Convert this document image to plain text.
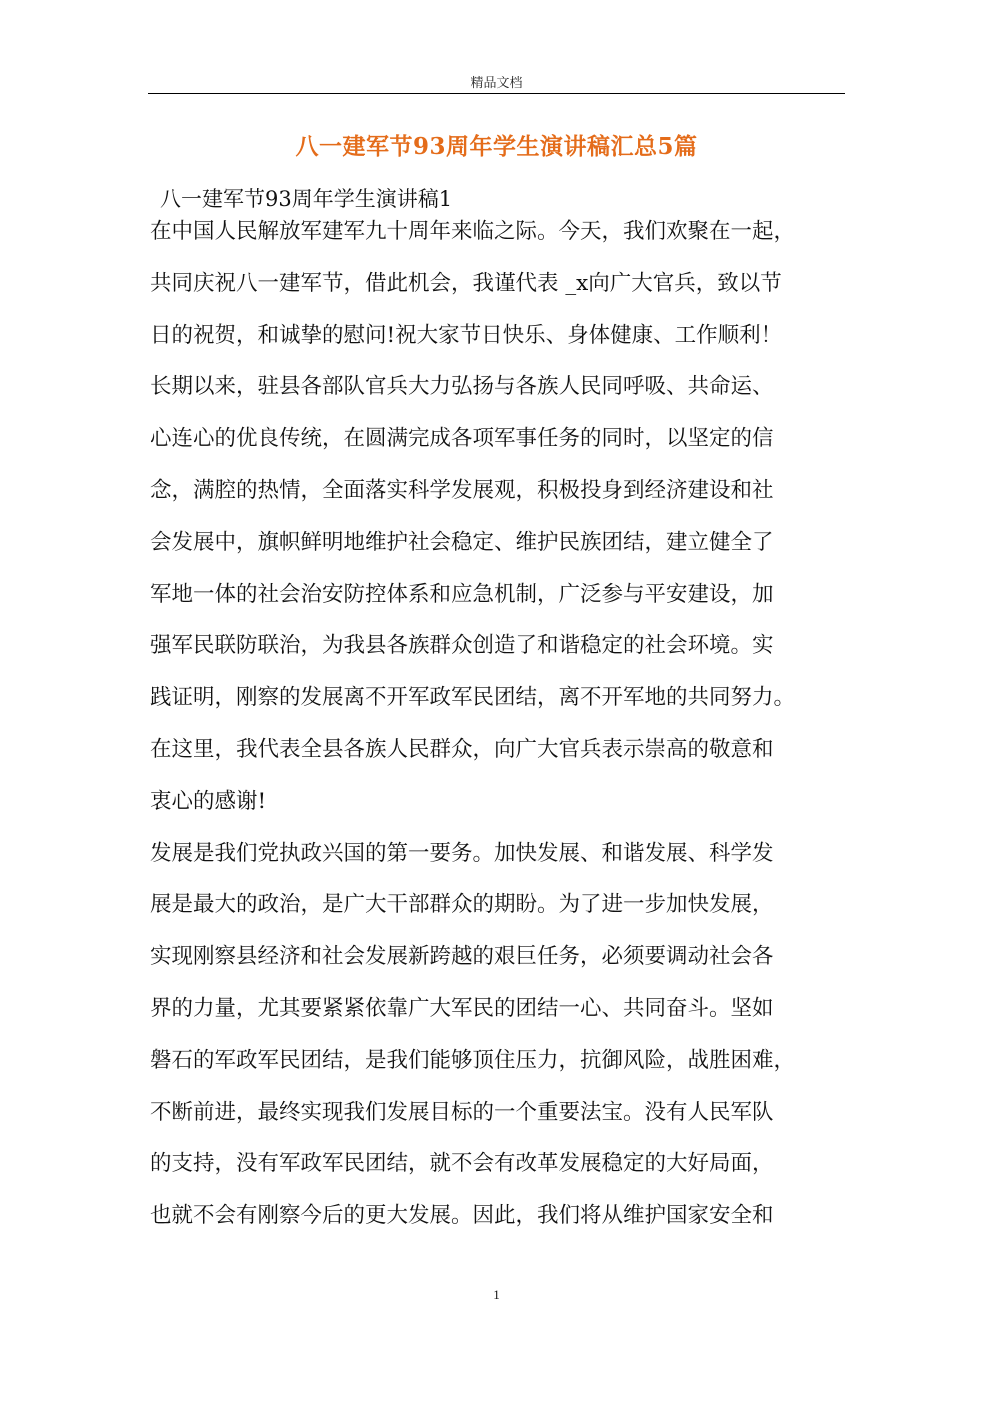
精品文档
八一建军节93周年学生演讲稿汇总5篇
八一建军节93周年学生演讲稿1
在中国人民解放军建军九十周年来临之际。今天，我们欢聚在一起，
共同庆祝八一建军节，借此机会，我谨代表 _x向广大官兵，致以节
日的祝贺，和诚挚的慰问!祝大家节日快乐、身体健康、工作顺利！
长期以来，驻县各部队官兵大力弘扬与各族人民同呼吸、共命运、
心连心的优良传统，在圆满完成各项军事任务的同时，以坚定的信
念，满腔的热情，全面落实科学发展观，积极投身到经济建设和社
会发展中，旗帜鲜明地维护社会稳定、维护民族团结，建立健全了
军地一体的社会治安防控体系和应急机制，广泛参与平安建设，加
强军民联防联治，为我县各族群众创造了和谐稳定的社会环境。实
践证明，刚察的发展离不开军政军民团结，离不开军地的共同努力。
在这里，我代表全县各族人民群众，向广大官兵表示崇高的敬意和
衷心的感谢!
发展是我们党执政兴国的第一要务。加快发展、和谐发展、科学发
展是最大的政治，是广大干部群众的期盼。为了进一步加快发展，
实现刚察县经济和社会发展新跨越的艰巨任务，必须要调动社会各
界的力量，尤其要紧紧依靠广大军民的团结一心、共同奋斗。坚如
磐石的军政军民团结，是我们能够顶住压力，抗御风险，战胜困难，
不断前进，最终实现我们发展目标的一个重要法宝。没有人民军队
的支持，没有军政军民团结，就不会有改革发展稳定的大好局面，
也就不会有刚察今后的更大发展。因此，我们将从维护国家安全和
1
